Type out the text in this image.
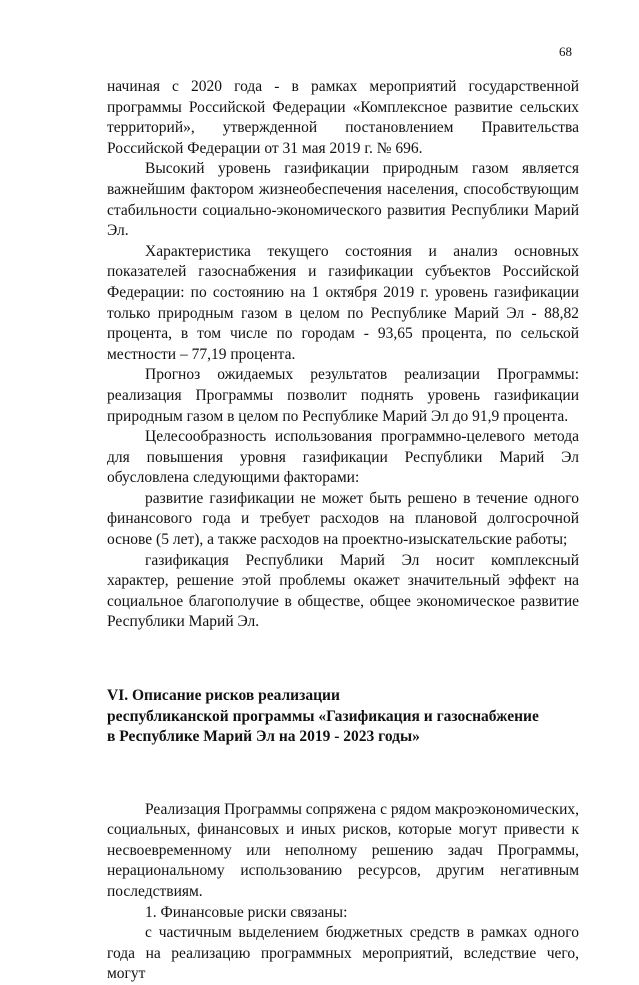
68

начиная с 2020 года - в рамках мероприятий государственной программы Российской Федерации «Комплексное развитие сельских территорий», утвержденной постановлением Правительства Российской Федерации от 31 мая 2019 г. № 696.

Высокий уровень газификации природным газом является важнейшим фактором жизнеобеспечения населения, способствующим стабильности социально-экономического развития Республики Марий Эл.

Характеристика текущего состояния и анализ основных показателей газоснабжения и газификации субъектов Российской Федерации: по состоянию на 1 октября 2019 г. уровень газификации только природным газом в целом по Республике Марий Эл - 88,82 процента, в том числе по городам - 93,65 процента, по сельской местности – 77,19 процента.

Прогноз ожидаемых результатов реализации Программы: реализация Программы позволит поднять уровень газификации природным газом в целом по Республике Марий Эл до 91,9 процента.

Целесообразность использования программно-целевого метода для повышения уровня газификации Республики Марий Эл обусловлена следующими факторами:

развитие газификации не может быть решено в течение одного финансового года и требует расходов на плановой долгосрочной основе (5 лет), а также расходов на проектно-изыскательские работы;

газификация Республики Марий Эл носит комплексный характер, решение этой проблемы окажет значительный эффект на социальное благополучие в обществе, общее экономическое развитие Республики Марий Эл.

VI. Описание рисков реализации

республиканской программы «Газификация и газоснабжение

в Республике Марий Эл на 2019 - 2023 годы»

Реализация Программы сопряжена с рядом макроэкономических, социальных, финансовых и иных рисков, которые могут привести к несвоевременному или неполному решению задач Программы, нерациональному использованию ресурсов, другим негативным последствиям.

1. Финансовые риски связаны:

с частичным выделением бюджетных средств в рамках одного года на реализацию программных мероприятий, вследствие чего, могут
